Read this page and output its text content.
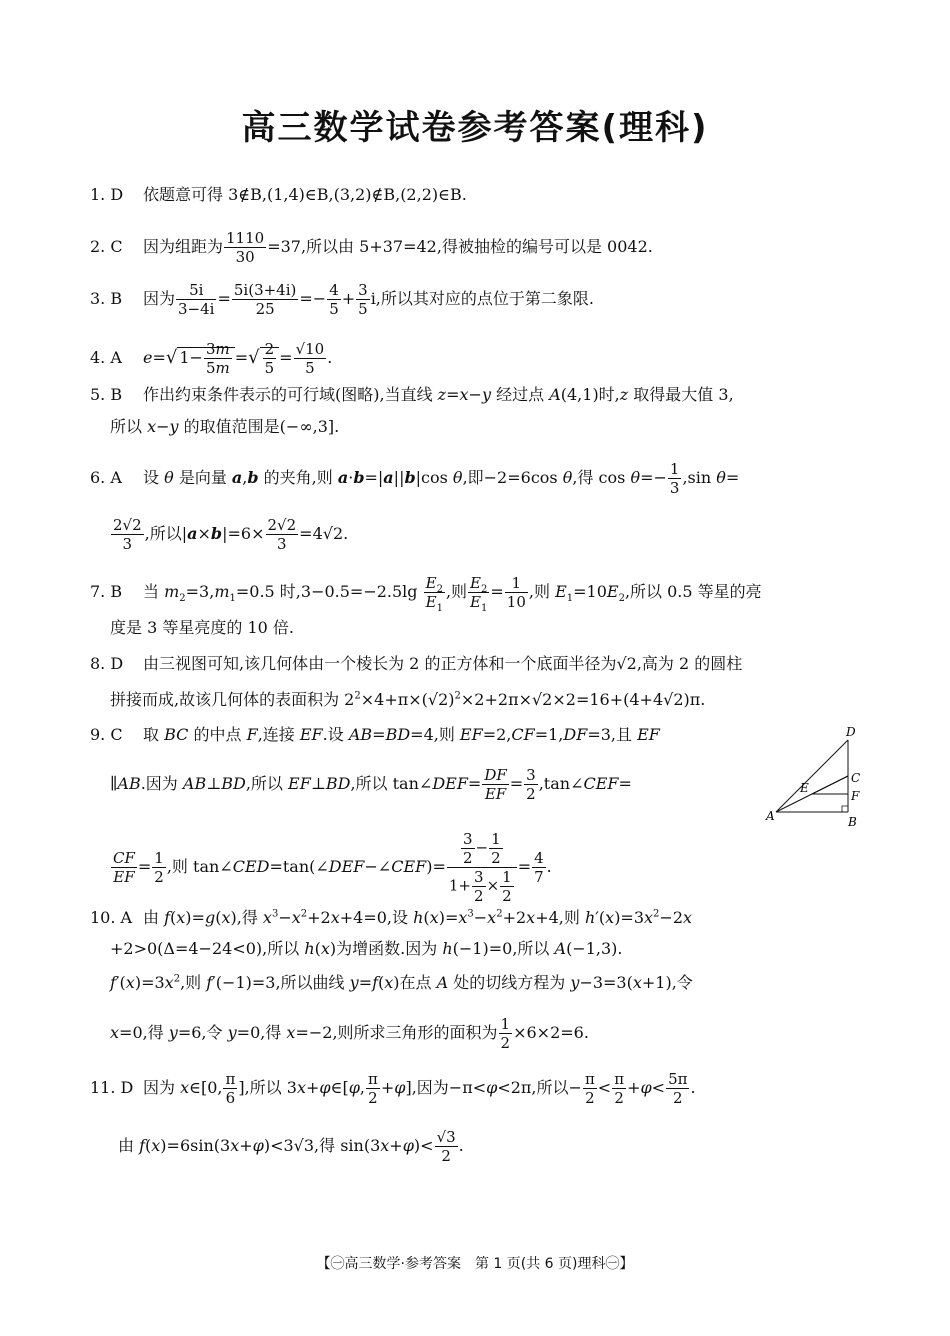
高三数学试卷参考答案(理科)
1. D 依题意可得 3∉B,(1,4)∈B,(3,2)∉B,(2,2)∈B.
2. C 因为组距为 $\frac{1110}{30} =37$,所以由 5+37=42,得被抽检的编号可以是 0042.
3. B 因为 $\frac{5i}{3-4i} = \frac{5i(3+4i)}{25} =- \frac{4}{5} + \frac{3}{5} i$,所以其对应的点位于第二象限.
4. A e=√ $1- \frac{3m}{5m}$ =√ $\frac{2}{5} = \frac{√10}{5}$ .
5. B 作出约束条件表示的可行域(图略),当直线 z=x−y 经过点 A(4,1)时,z 取得最大值 3,
所以 x−y 的取值范围是(−∞,3].
6. A 设 θ 是向量 a,b 的夹角,则 a·b=|a||b|cos θ,即−2=6cos θ,得 $\cos \theta=- \frac{1}{3} ,\sin$ θ=
$\frac{2√2}{3}$ ,所以$|a\times b|=6\times \frac{2√2}{3} =4√2$.
7. B 当 $m_2=3,m_1=0.5$ 时$,3-0.5=-2.5\lg \frac{E_2}{E_1}$ ,则 $\frac{E_2}{E_1} = \frac{1}{10}$ ,则 $E_1=10E_2$,所以 0.5 等星的亮
度是 3 等星亮度的 10 倍.
8. D 由三视图可知,该几何体由一个棱长为 2 的正方体和一个底面半径为√2,高为 2 的圆柱
拼接而成,故该几何体的表面积为 $2^2\times 4+\pi\times(√2)^2\times 2+2\pi\times√2\times 2=16+(4+4√2)\pi$.
9. C 取 BC 的中点 F,连接 EF.设 AB=BD=4,则 EF=2,CF=1,DF=3,且 EF
∥AB.因为 AB⊥BD,所以 EF⊥BD,所以 tan∠DEF= $\frac{DF}{EF} = \frac{3}{2}$ ,tan∠CEF=
$\frac{CF}{EF} = \frac{1}{2}$ ,则 tan∠CED=tan(∠DEF−∠CEF)= $\frac{\frac{3}{2} - \frac{1}{2}}{1+ \frac{3}{2} \times \frac{1}{2}} = \frac{4}{7}$ .
10. A 由 f(x)=g(x),得 $x^3-x^2+2x+4=0$,设 $h(x)=x^3-x^2+2x+4$,则 $h'(x)=3x^2-2x$
+2>0(Δ=4−24<0),所以 h(x)为增函数.因为 h(−1)=0,所以 A(−1,3).
$f'(x)=3x^2$,则 f′(−1)=3,所以曲线 y=f(x)在点 A 处的切线方程为 y−3=3(x+1),令
x=0,得 y=6,令 y=0,得 x=−2,则所求三角形的面积为 $\frac{1}{2} \times 6\times 2=6$.
11. D 因为 x∈[0, $\frac{\pi}{6}$ ],所以 3x+φ∈[φ, $\frac{\pi}{2} +\varphi$],因为−π<φ<2π,所以− $\frac{\pi}{2} < \frac{\pi}{2} +\varphi< \frac{5\pi}{2}$ .
由 f(x)=6sin(3x+φ)<3√3,得 $\sin(3x+\varphi)< \frac{√3}{2}$ .
D
C
F
E
A	B
【㊀高三数学·参考答案　第 1 页(共 6 页)理科㊀】
